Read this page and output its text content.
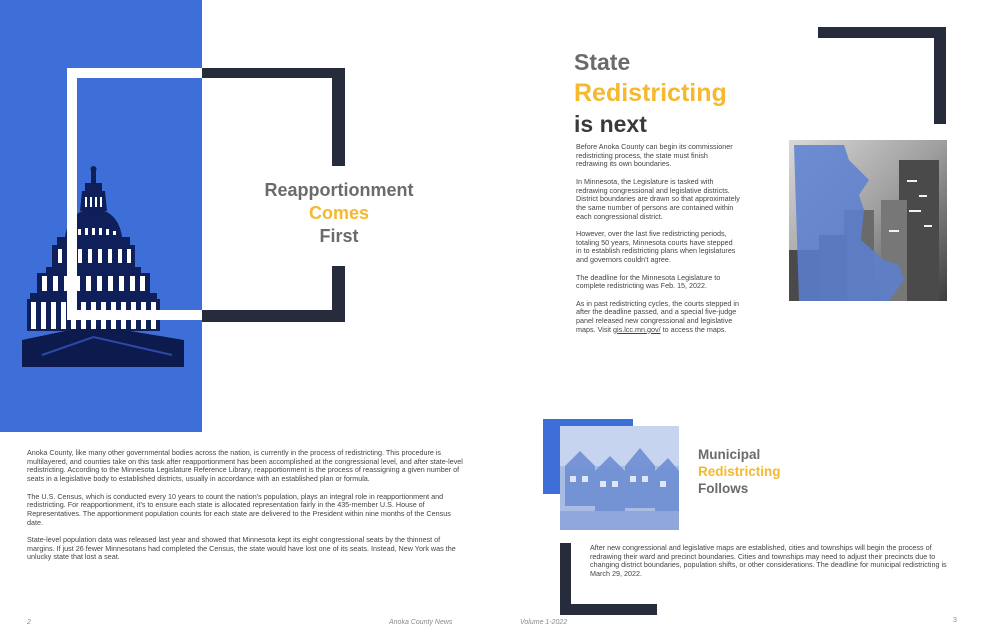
Reapportionment
Comes
First

Anoka County, like many other governmental bodies across the nation, is currently in the process of redistricting. This procedure is multilayered, and counties take on this task after reapportionment has been accomplished at the congressional level, and after state-level redistricting. According to the Minnesota Legislature Reference Library, reapportionment is the process of reassigning a given number of seats in a legislative body to established districts, usually in accordance with an established plan or formula.

The U.S. Census, which is conducted every 10 years to count the nation's population, plays an integral role in reapportionment and redistricting. For reapportionment, it's to ensure each state is allocated representation fairly in the 435-member U.S. House of Representatives. The apportionment population counts for each state are delivered to the President within nine months of the Census date.

State-level population data was released last year and showed that Minnesota kept its eight congressional seats by the thinnest of margins. If just 26 fewer Minnesotans had completed the Census, the state would have lost one of its seats. Instead, New York was the unlucky state that lost a seat.

2	Anoka County News
State
Redistricting
is next

Before Anoka County can begin its commissioner redistricting process, the state must finish redrawing its own boundaries.

In Minnesota, the Legislature is tasked with redrawing congressional and legislative districts. District boundaries are drawn so that approximately the same number of persons are contained within each congressional district.

However, over the last five redistricting periods, totaling 50 years, Minnesota courts have stepped in to establish redistricting plans when legislatures and governors couldn't agree.

The deadline for the Minnesota Legislature to complete redistricting was Feb. 15, 2022.

As in past redistricting cycles, the courts stepped in after the deadline passed, and a special five-judge panel released new congressional and legislative maps. Visit gis.lcc.mn.gov/ to access the maps.

Municipal
Redistricting
Follows
After new congressional and legislative maps are established, cities and townships will begin the process of redrawing their ward and precinct boundaries. Cities and townships may need to adjust their precincts due to changing district boundaries, population shifts, or other considerations. The deadline for municipal redistricting is March 29, 2022.
Volume 1-2022	3
